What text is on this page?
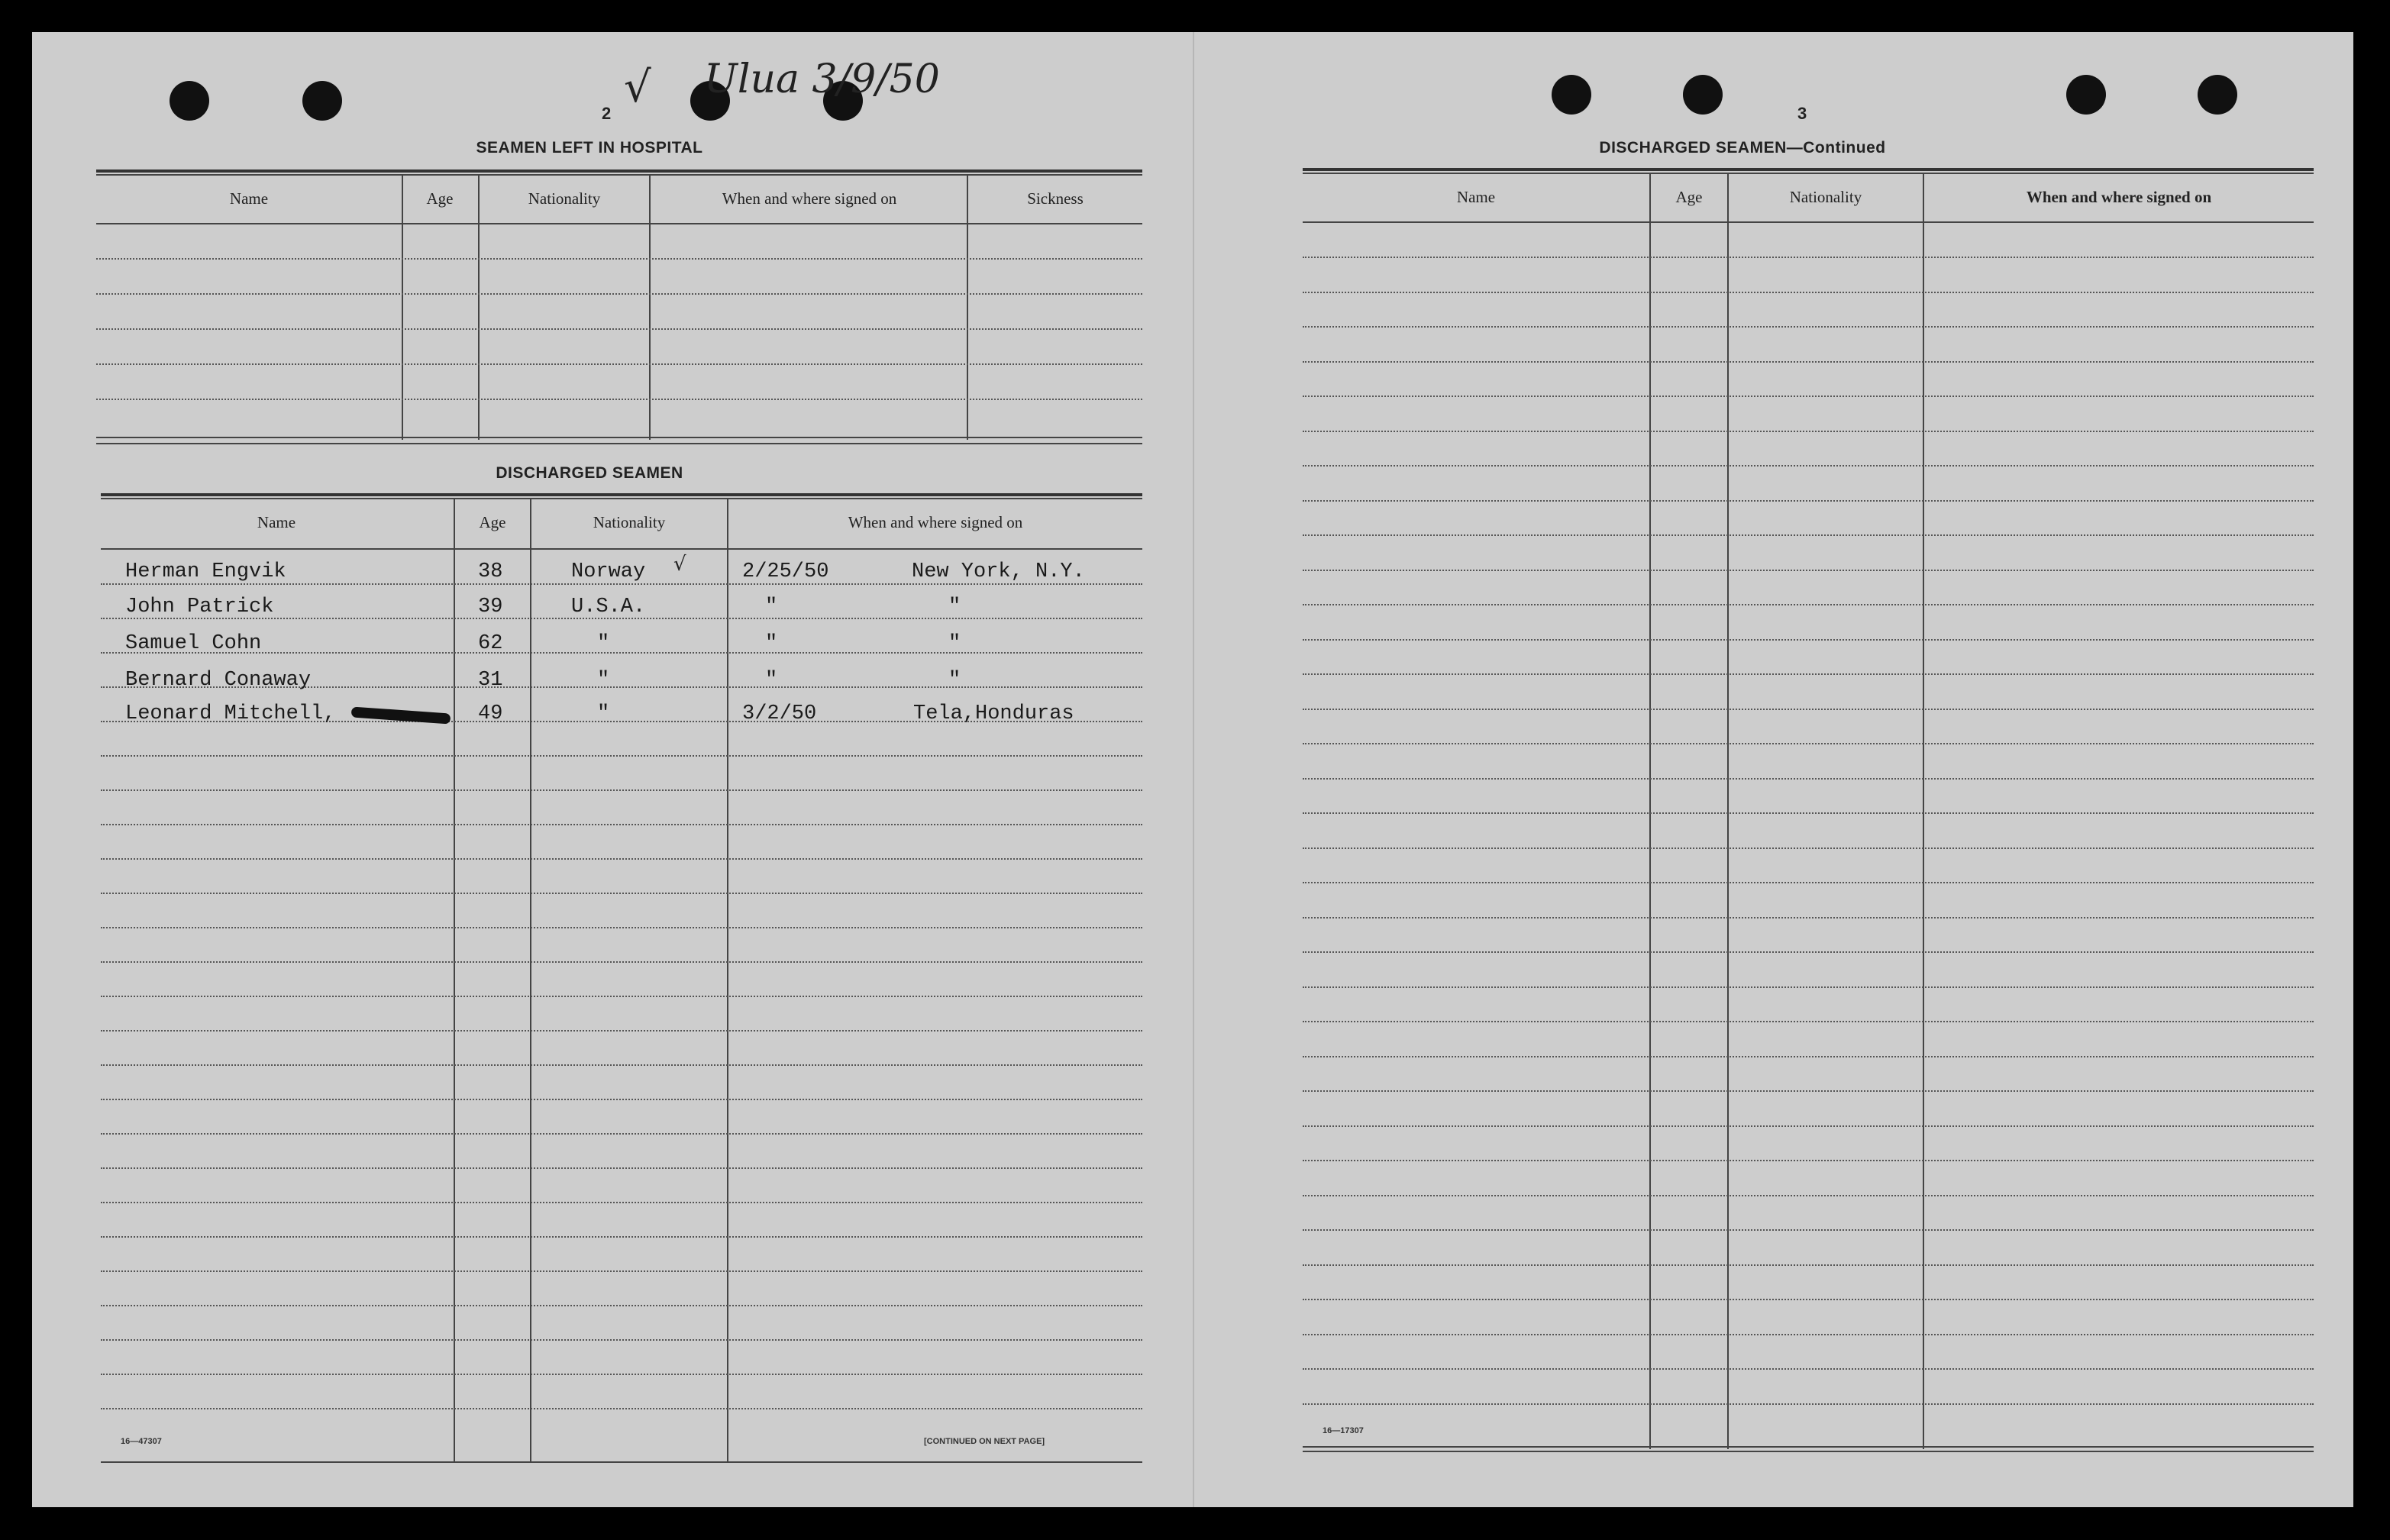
2
√ Ulua 3/9/50
SEAMEN LEFT IN HOSPITAL
Name	Age	Nationality	When and where signed on	Sickness
DISCHARGED SEAMEN
Name	Age	Nationality	When and where signed on
Herman Engvik	38	Norway √	2/25/50	New York, N.Y.
John Patrick	39	U.S.A.	"	"
Samuel Cohn	62	"	"	"
Bernard Conaway	31	"	"	"
Leonard Mitchell,	49	"	3/2/50	Tela,Honduras
16—47307	[CONTINUED ON NEXT PAGE]
3
DISCHARGED SEAMEN—Continued
Name	Age	Nationality	When and where signed on
16—17307
